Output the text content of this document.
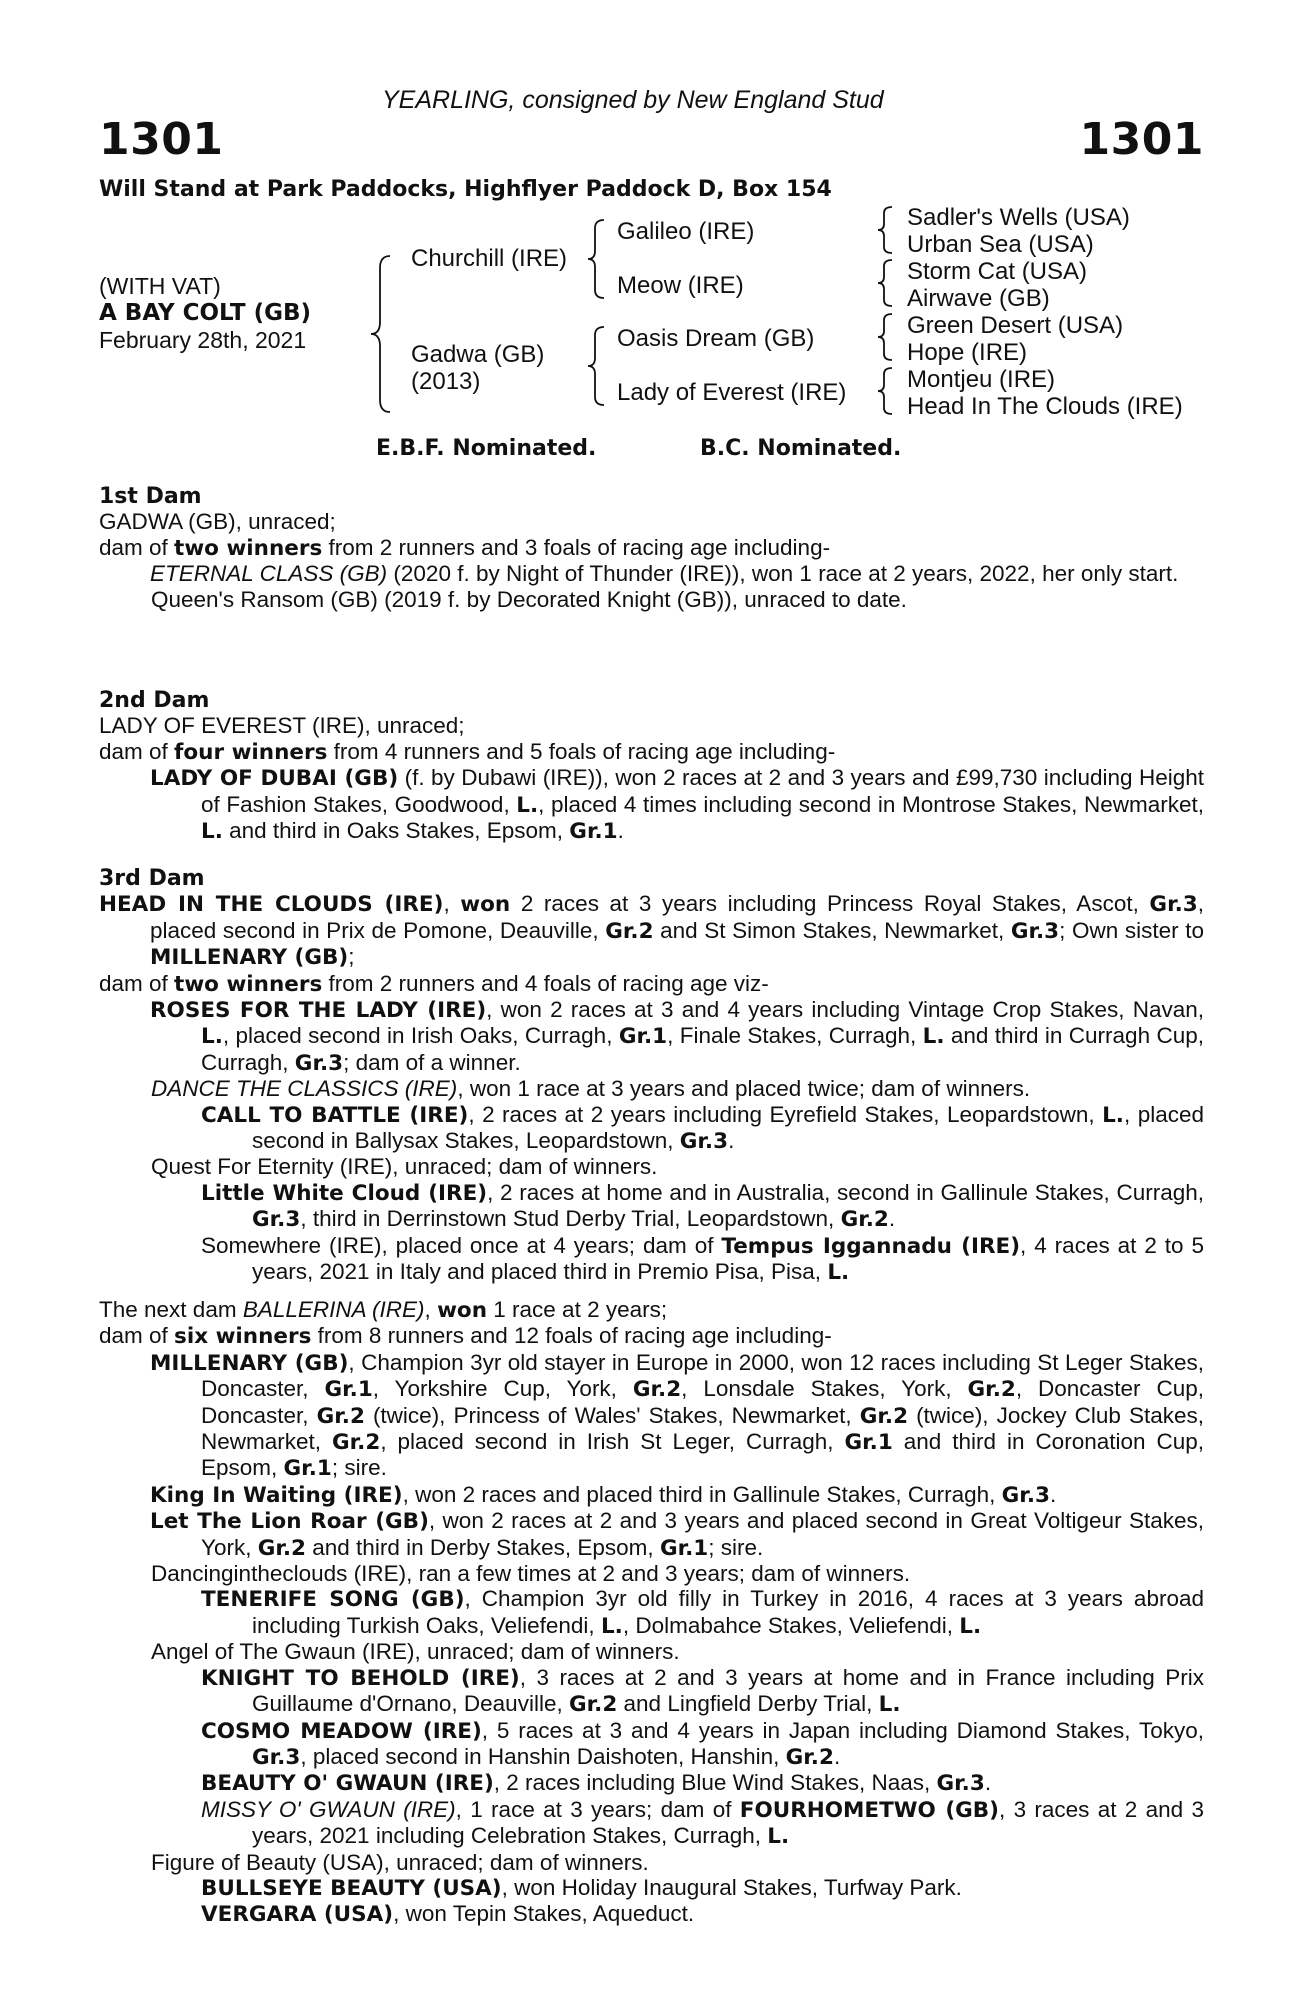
YEARLING, consigned by New England Stud
1301	1301
Will Stand at Park Paddocks, Highflyer Paddock D, Box 154
(WITH VAT)
A BAY COLT (GB)
February 28th, 2021
Churchill (IRE)
Gadwa (GB)
(2013)
Galileo (IRE)
Meow (IRE)
Oasis Dream (GB)
Lady of Everest (IRE)
Sadler's Wells (USA)
Urban Sea (USA)
Storm Cat (USA)
Airwave (GB)
Green Desert (USA)
Hope (IRE)
Montjeu (IRE)
Head In The Clouds (IRE)
E.B.F. Nominated.	B.C. Nominated.

1st Dam

GADWA (GB), unraced;

dam of two winners from 2 runners and 3 foals of racing age including-

ETERNAL CLASS (GB) (2020 f. by Night of Thunder (IRE)), won 1 race at 2 years, 2022, her only start.

Queen's Ransom (GB) (2019 f. by Decorated Knight (GB)), unraced to date.

2nd Dam

LADY OF EVEREST (IRE), unraced;

dam of four winners from 4 runners and 5 foals of racing age including-

LADY OF DUBAI (GB) (f. by Dubawi (IRE)), won 2 races at 2 and 3 years and £99,730 including Height of Fashion Stakes, Goodwood, L., placed 4 times including second in Montrose Stakes, Newmarket, L. and third in Oaks Stakes, Epsom, Gr.1.

3rd Dam

HEAD IN THE CLOUDS (IRE), won 2 races at 3 years including Princess Royal Stakes, Ascot, Gr.3, placed second in Prix de Pomone, Deauville, Gr.2 and St Simon Stakes, Newmarket, Gr.3; Own sister to MILLENARY (GB);

dam of two winners from 2 runners and 4 foals of racing age viz-

ROSES FOR THE LADY (IRE), won 2 races at 3 and 4 years including Vintage Crop Stakes, Navan, L., placed second in Irish Oaks, Curragh, Gr.1, Finale Stakes, Curragh, L. and third in Curragh Cup, Curragh, Gr.3; dam of a winner.

DANCE THE CLASSICS (IRE), won 1 race at 3 years and placed twice; dam of winners.

CALL TO BATTLE (IRE), 2 races at 2 years including Eyrefield Stakes, Leopardstown, L., placed second in Ballysax Stakes, Leopardstown, Gr.3.

Quest For Eternity (IRE), unraced; dam of winners.

Little White Cloud (IRE), 2 races at home and in Australia, second in Gallinule Stakes, Curragh, Gr.3, third in Derrinstown Stud Derby Trial, Leopardstown, Gr.2.

Somewhere (IRE), placed once at 4 years; dam of Tempus Iggannadu (IRE), 4 races at 2 to 5 years, 2021 in Italy and placed third in Premio Pisa, Pisa, L.

The next dam BALLERINA (IRE), won 1 race at 2 years;

dam of six winners from 8 runners and 12 foals of racing age including-

MILLENARY (GB), Champion 3yr old stayer in Europe in 2000, won 12 races including St Leger Stakes, Doncaster, Gr.1, Yorkshire Cup, York, Gr.2, Lonsdale Stakes, York, Gr.2, Doncaster Cup, Doncaster, Gr.2 (twice), Princess of Wales' Stakes, Newmarket, Gr.2 (twice), Jockey Club Stakes, Newmarket, Gr.2, placed second in Irish St Leger, Curragh, Gr.1 and third in Coronation Cup, Epsom, Gr.1; sire.

King In Waiting (IRE), won 2 races and placed third in Gallinule Stakes, Curragh, Gr.3.

Let The Lion Roar (GB), won 2 races at 2 and 3 years and placed second in Great Voltigeur Stakes, York, Gr.2 and third in Derby Stakes, Epsom, Gr.1; sire.

Dancingintheclouds (IRE), ran a few times at 2 and 3 years; dam of winners.

TENERIFE SONG (GB), Champion 3yr old filly in Turkey in 2016, 4 races at 3 years abroad including Turkish Oaks, Veliefendi, L., Dolmabahce Stakes, Veliefendi, L.

Angel of The Gwaun (IRE), unraced; dam of winners.

KNIGHT TO BEHOLD (IRE), 3 races at 2 and 3 years at home and in France including Prix Guillaume d'Ornano, Deauville, Gr.2 and Lingfield Derby Trial, L.

COSMO MEADOW (IRE), 5 races at 3 and 4 years in Japan including Diamond Stakes, Tokyo, Gr.3, placed second in Hanshin Daishoten, Hanshin, Gr.2.

BEAUTY O' GWAUN (IRE), 2 races including Blue Wind Stakes, Naas, Gr.3.

MISSY O' GWAUN (IRE), 1 race at 3 years; dam of FOURHOMETWO (GB), 3 races at 2 and 3 years, 2021 including Celebration Stakes, Curragh, L.

Figure of Beauty (USA), unraced; dam of winners.

BULLSEYE BEAUTY (USA), won Holiday Inaugural Stakes, Turfway Park.

VERGARA (USA), won Tepin Stakes, Aqueduct.
